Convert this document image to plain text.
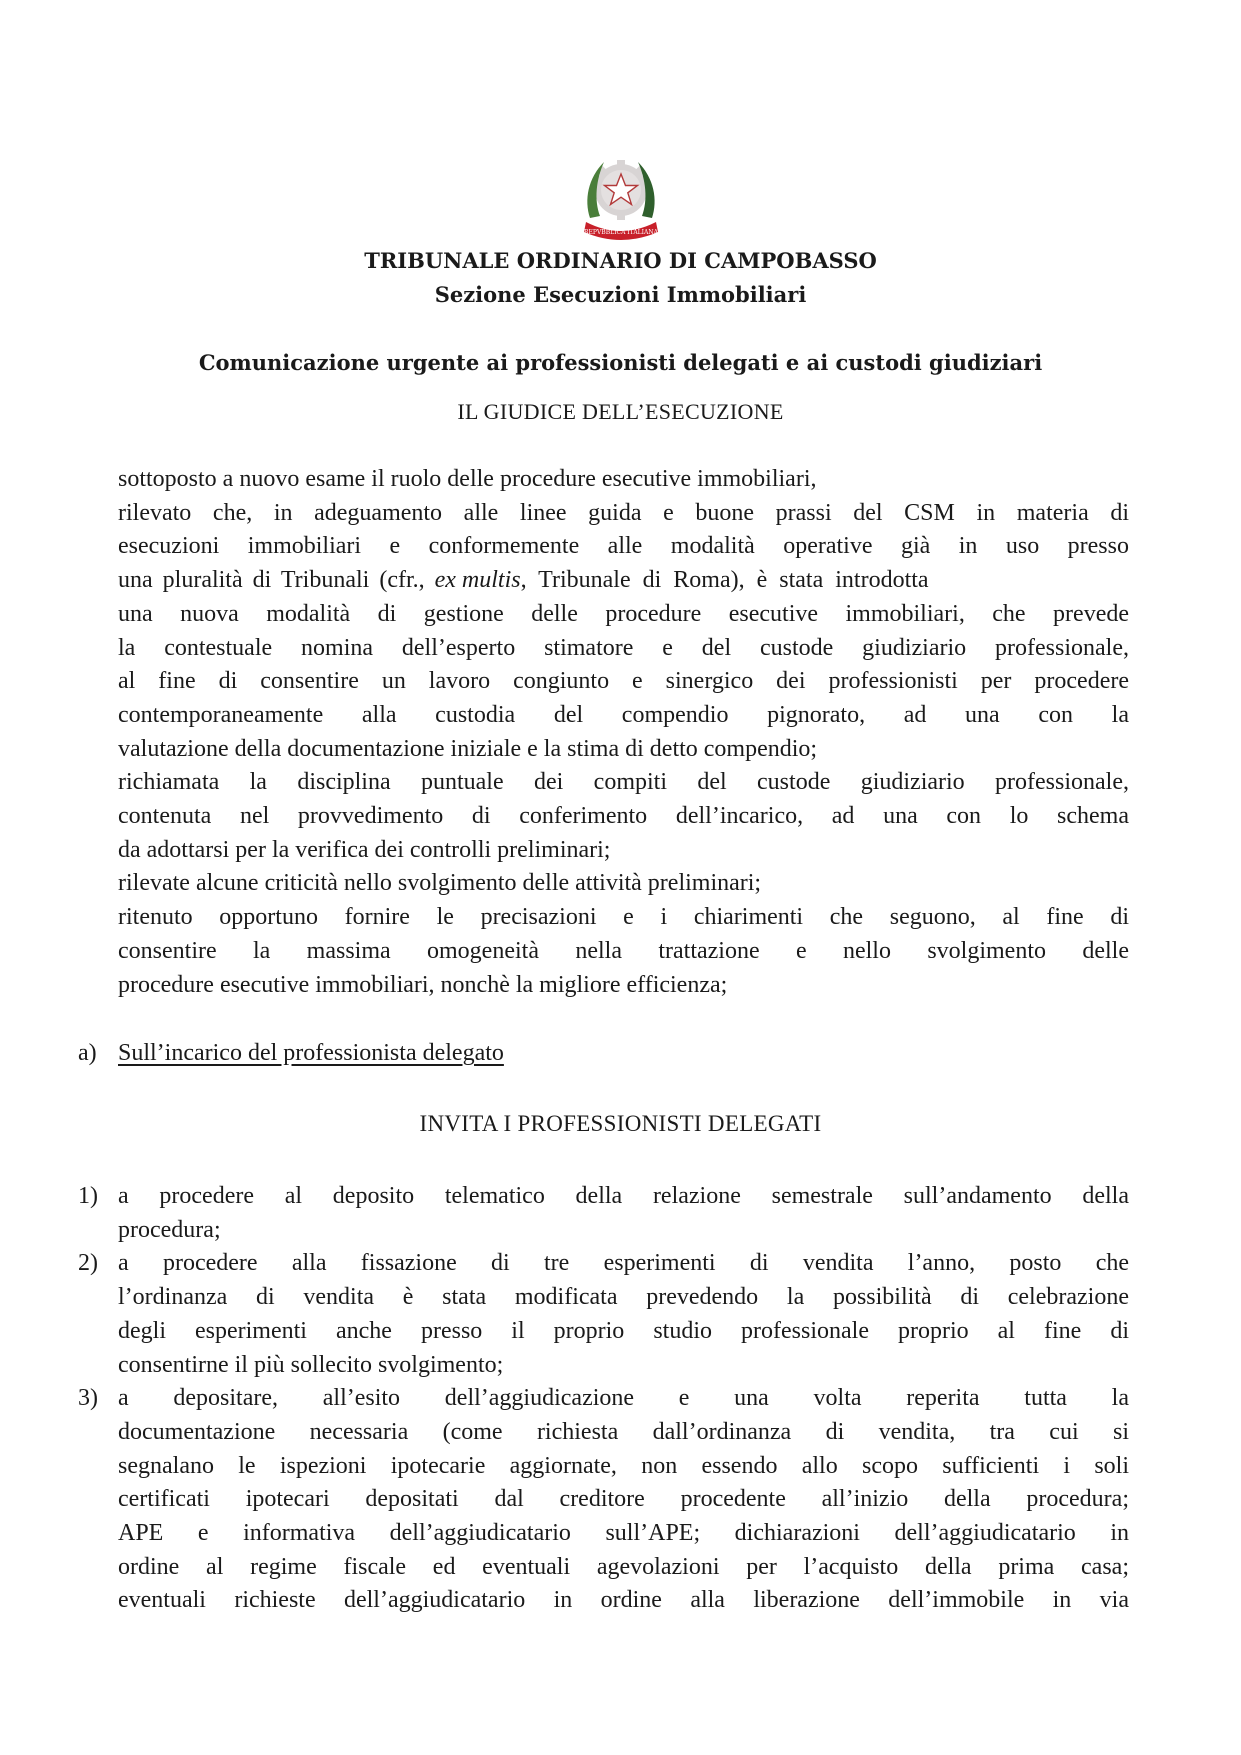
REPVBBLICA ITALIANA
TRIBUNALE ORDINARIO DI CAMPOBASSO
Sezione Esecuzioni Immobiliari
Comunicazione urgente ai professionisti delegati e ai custodi giudiziari
IL GIUDICE DELL’ESECUZIONE
sottoposto a nuovo esame il ruolo delle procedure esecutive immobiliari,
rilevato che, in adeguamento alle linee guida e buone prassi del CSM in materia di
esecuzioni immobiliari e conformemente alle modalità operative già in uso presso
una pluralità di Tribunali (cfr., ex multis, Tribunale di Roma), è stata introdotta
una nuova modalità di gestione delle procedure esecutive immobiliari, che prevede
la contestuale nomina dell’esperto stimatore e del custode giudiziario professionale,
al fine di consentire un lavoro congiunto e sinergico dei professionisti per procedere
contemporaneamente alla custodia del compendio pignorato, ad una con la
valutazione della documentazione iniziale e la stima di detto compendio;
richiamata la disciplina puntuale dei compiti del custode giudiziario professionale,
contenuta nel provvedimento di conferimento dell’incarico, ad una con lo schema
da adottarsi per la verifica dei controlli preliminari;
rilevate alcune criticità nello svolgimento delle attività preliminari;
ritenuto opportuno fornire le precisazioni e i chiarimenti che seguono, al fine di
consentire la massima omogeneità nella trattazione e nello svolgimento delle
procedure esecutive immobiliari, nonchè la migliore efficienza;
a) Sull’incarico del professionista delegato
INVITA I PROFESSIONISTI DELEGATI
1) a procedere al deposito telematico della relazione semestrale sull’andamento della
procedura;
2) a procedere alla fissazione di tre esperimenti di vendita l’anno, posto che
l’ordinanza di vendita è stata modificata prevedendo la possibilità di celebrazione
degli esperimenti anche presso il proprio studio professionale proprio al fine di
consentirne il più sollecito svolgimento;
3) a depositare, all’esito dell’aggiudicazione e una volta reperita tutta la
documentazione necessaria (come richiesta dall’ordinanza di vendita, tra cui si
segnalano le ispezioni ipotecarie aggiornate, non essendo allo scopo sufficienti i soli
certificati ipotecari depositati dal creditore procedente all’inizio della procedura;
APE e informativa dell’aggiudicatario sull’APE; dichiarazioni dell’aggiudicatario in
ordine al regime fiscale ed eventuali agevolazioni per l’acquisto della prima casa;
eventuali richieste dell’aggiudicatario in ordine alla liberazione dell’immobile in via
